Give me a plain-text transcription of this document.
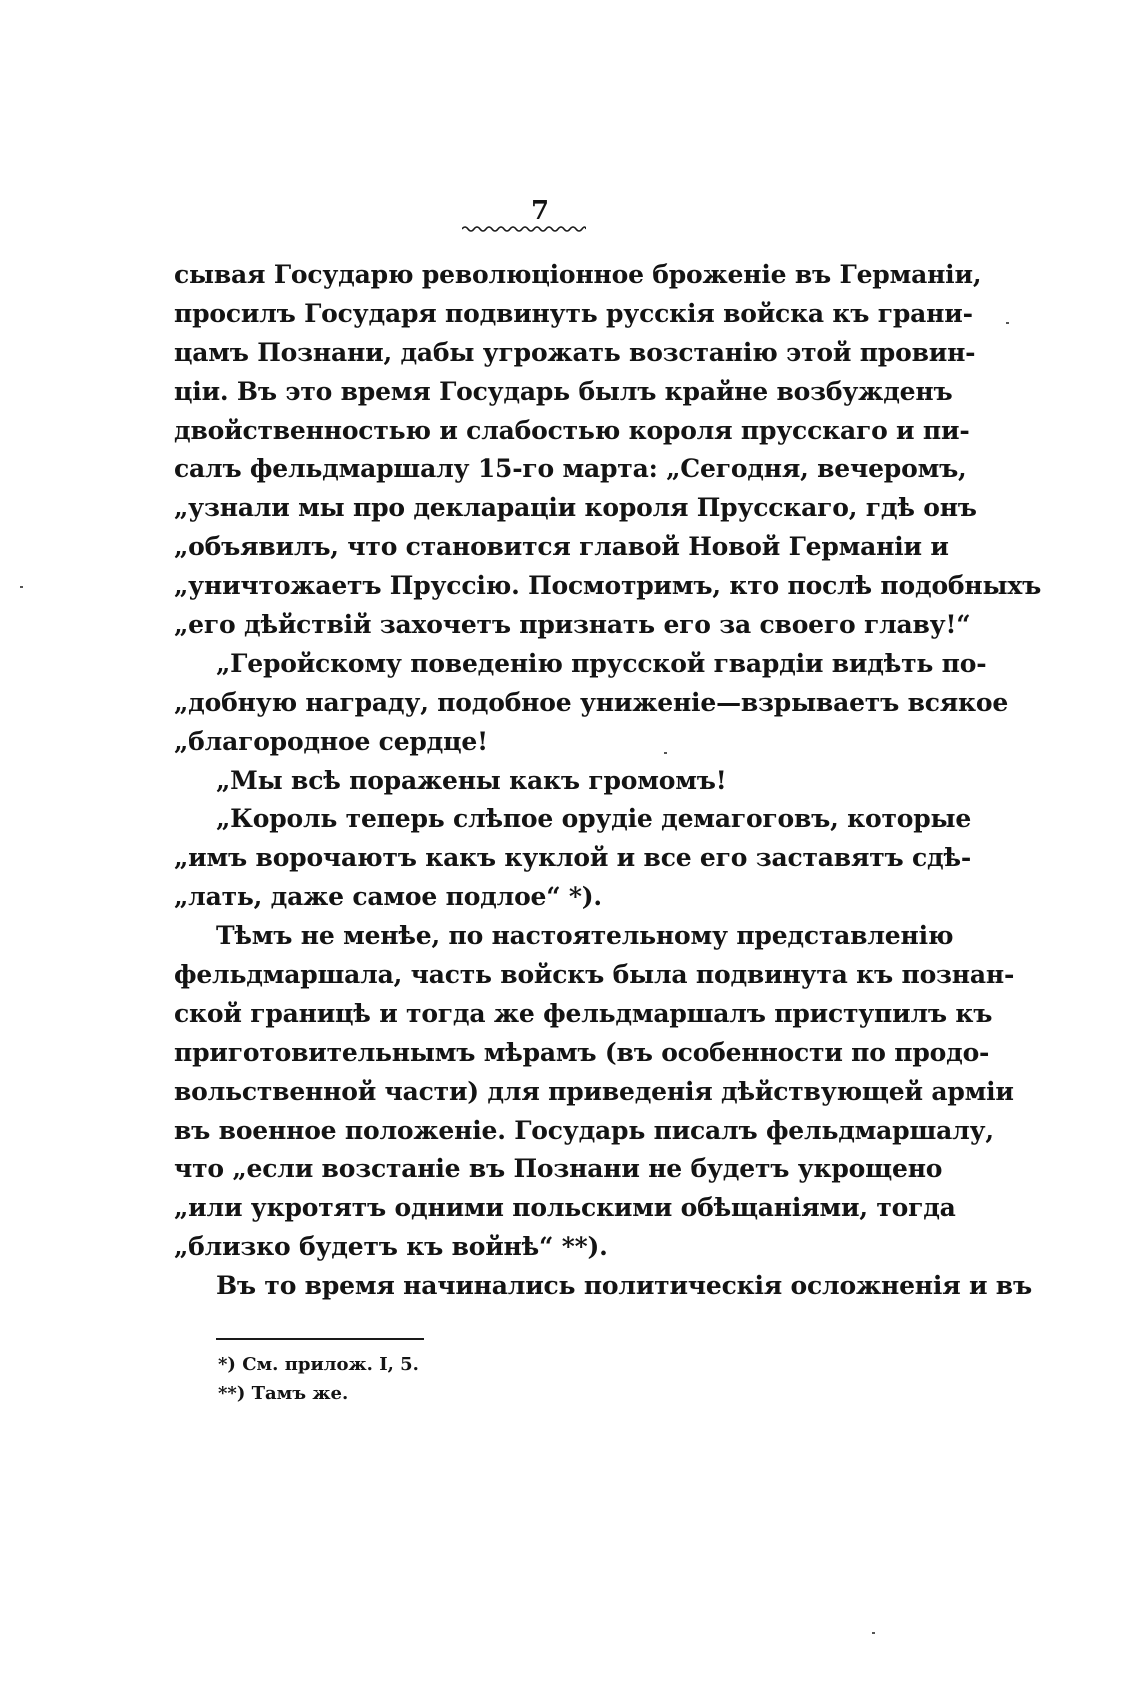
7
сывая Государю революціонное броженіе въ Германіи,
просилъ Государя подвинуть русскія войска къ грани-
цамъ Познани, дабы угрожать возстанію этой провин-
ціи. Въ это время Государь былъ крайне возбужденъ
двойственностью и слабостью короля прусскаго и пи-
салъ фельдмаршалу 15-го марта: „Сегодня, вечеромъ,
„узнали мы про деклараціи короля Прусскаго, гдѣ онъ
„объявилъ, что становится главой Новой Германіи и
„уничтожаетъ Пруссію. Посмотримъ, кто послѣ подобныхъ
„его дѣйствій захочетъ признать его за своего главу!“
„Геройскому поведенію прусской гвардіи видѣть по-
„добную награду, подобное униженіе—взрываетъ всякое
„благородное сердце!
„Мы всѣ поражены какъ громомъ!
„Король теперь слѣпое орудіе демагоговъ, которые
„имъ ворочаютъ какъ куклой и все его заставятъ сдѣ-
„лать, даже самое подлое“ *).
Тѣмъ не менѣе, по настоятельному представленію
фельдмаршала, часть войскъ была подвинута къ познан-
ской границѣ и тогда же фельдмаршалъ приступилъ къ
приготовительнымъ мѣрамъ (въ особенности по продо-
вольственной части) для приведенія дѣйствующей арміи
въ военное положеніе. Государь писалъ фельдмаршалу,
что „если возстаніе въ Познани не будетъ укрощено
„или укротятъ одними польскими обѣщаніями, тогда
„близко будетъ къ войнѣ“ **).
Въ то время начинались политическія осложненія и въ
*) См. прилож. I, 5.
**) Тамъ же.
